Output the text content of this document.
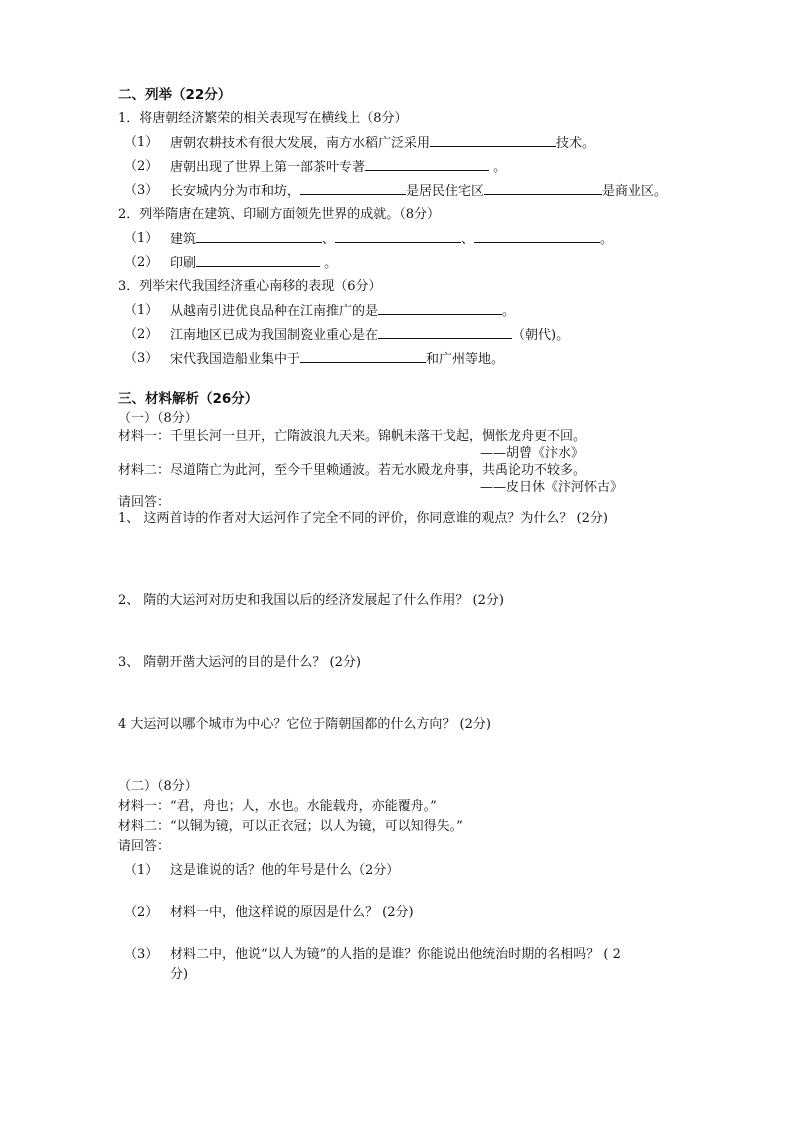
二、列举（22分）
1．将唐朝经济繁荣的相关表现写在横线上（8分）
（1） 唐朝农耕技术有很大发展，南方水稻广泛采用	技术。
（2） 唐朝出现了世界上第一部茶叶专著	。
（3） 长安城内分为市和坊，	是居民住宅区	是商业区。
2．列举隋唐在建筑、印刷方面领先世界的成就。（8分）
（1） 建筑	、	、	。
（2） 印刷	。
3．列举宋代我国经济重心南移的表现（6分）
（1） 从越南引进优良品种在江南推广的是	。
（2） 江南地区已成为我国制瓷业重心是在	（朝代)。
（3） 宋代我国造船业集中于	和广州等地。
三、材料解析（26分）
（一）（8分）
材料一：千里长河一旦开，亡隋波浪九天来。锦帆未落干戈起，惆怅龙舟更不回。
——胡曾《汴水》
材料二：尽道隋亡为此河，至今千里赖通波。若无水殿龙舟事，共禹论功不较多。
——皮日休《汴河怀古》
请回答：
1、 这两首诗的作者对大运河作了完全不同的评价，你同意谁的观点？为什么？ (2分)
2、 隋的大运河对历史和我国以后的经济发展起了什么作用？ (2分)
3、 隋朝开凿大运河的目的是什么？ (2分)
4 大运河以哪个城市为中心？它位于隋朝国都的什么方向？ (2分)
（二）（8分）
材料一：“君，舟也；人，水也。水能载舟，亦能覆舟。”
材料二：“以铜为镜，可以正衣冠；以人为镜，可以知得失。”
请回答：
（1） 这是谁说的话？他的年号是什么（2分）
（2） 材料一中，他这样说的原因是什么？ (2分)
（3） 材料二中，他说“以人为镜”的人指的是谁？你能说出他统治时期的名相吗？ ( 2
分)
